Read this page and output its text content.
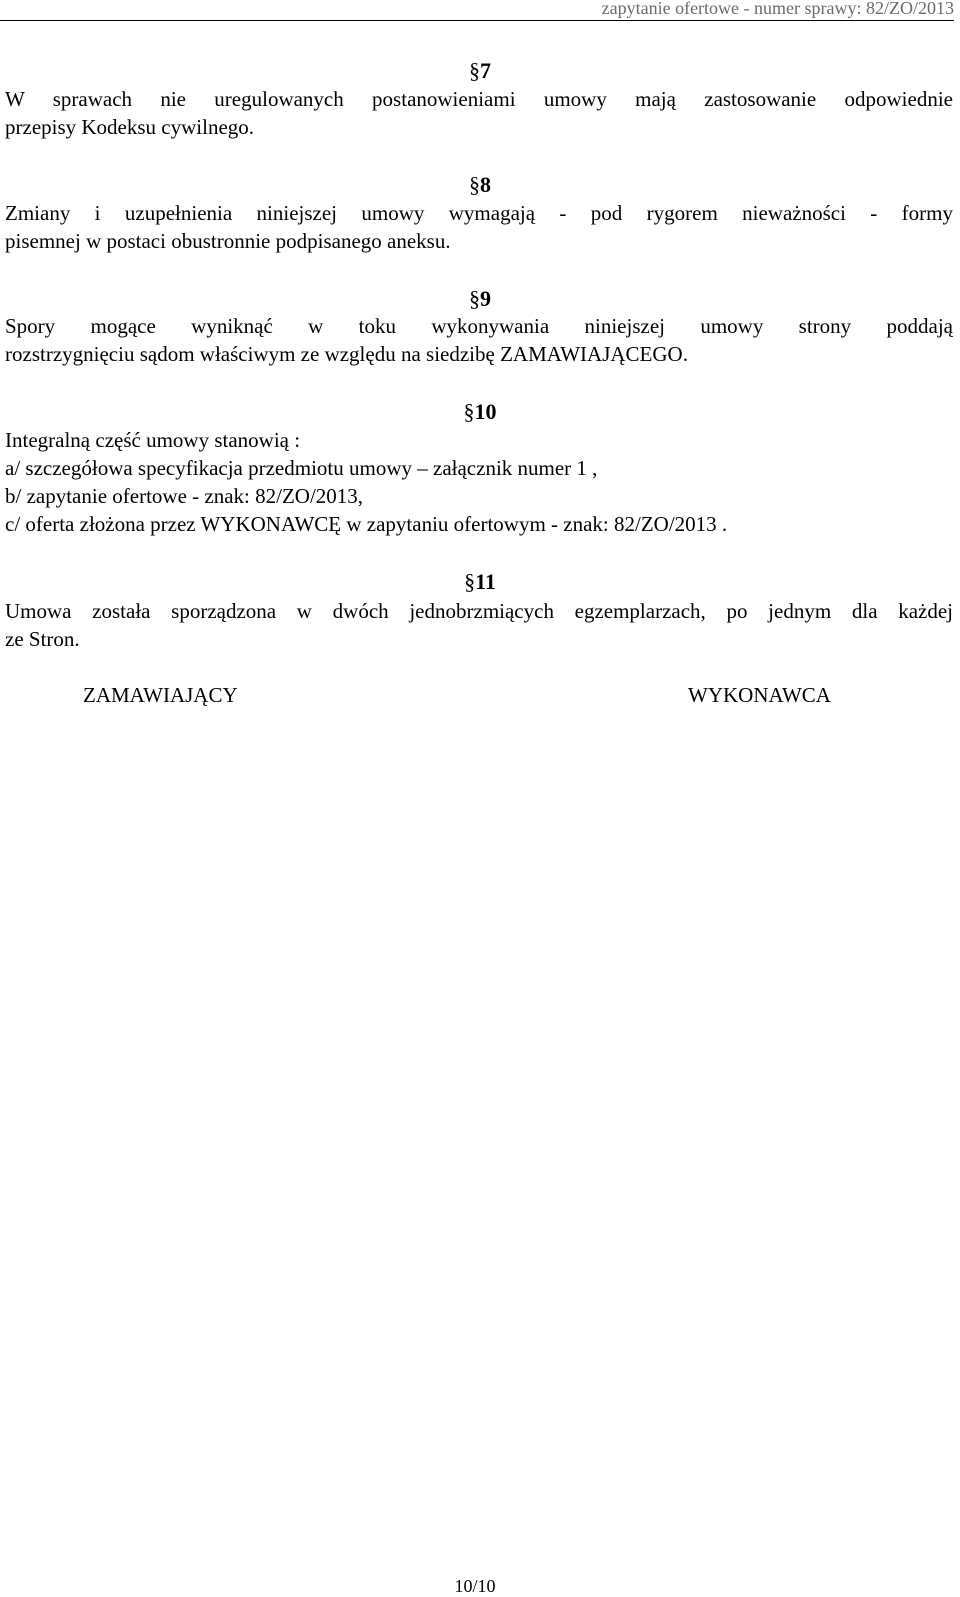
zapytanie ofertowe - numer sprawy: 82/ZO/2013
§7
W sprawach nie uregulowanych postanowieniami umowy mają zastosowanie odpowiednie
przepisy Kodeksu cywilnego.
§8
Zmiany i uzupełnienia niniejszej umowy wymagają - pod rygorem nieważności - formy
pisemnej w postaci obustronnie podpisanego aneksu.
§9
Spory mogące wyniknąć w toku wykonywania niniejszej umowy strony poddają
rozstrzygnięciu sądom właściwym ze względu na siedzibę ZAMAWIAJĄCEGO.
§10
Integralną część umowy stanowią :
a/ szczegółowa specyfikacja przedmiotu umowy – załącznik numer 1 ,
b/ zapytanie ofertowe - znak: 82/ZO/2013,
c/ oferta złożona przez WYKONAWCĘ w zapytaniu ofertowym - znak: 82/ZO/2013 .
§11
Umowa została sporządzona w dwóch jednobrzmiących egzemplarzach, po jednym dla każdej
ze Stron.
ZAMAWIAJĄCY	WYKONAWCA
10/10
